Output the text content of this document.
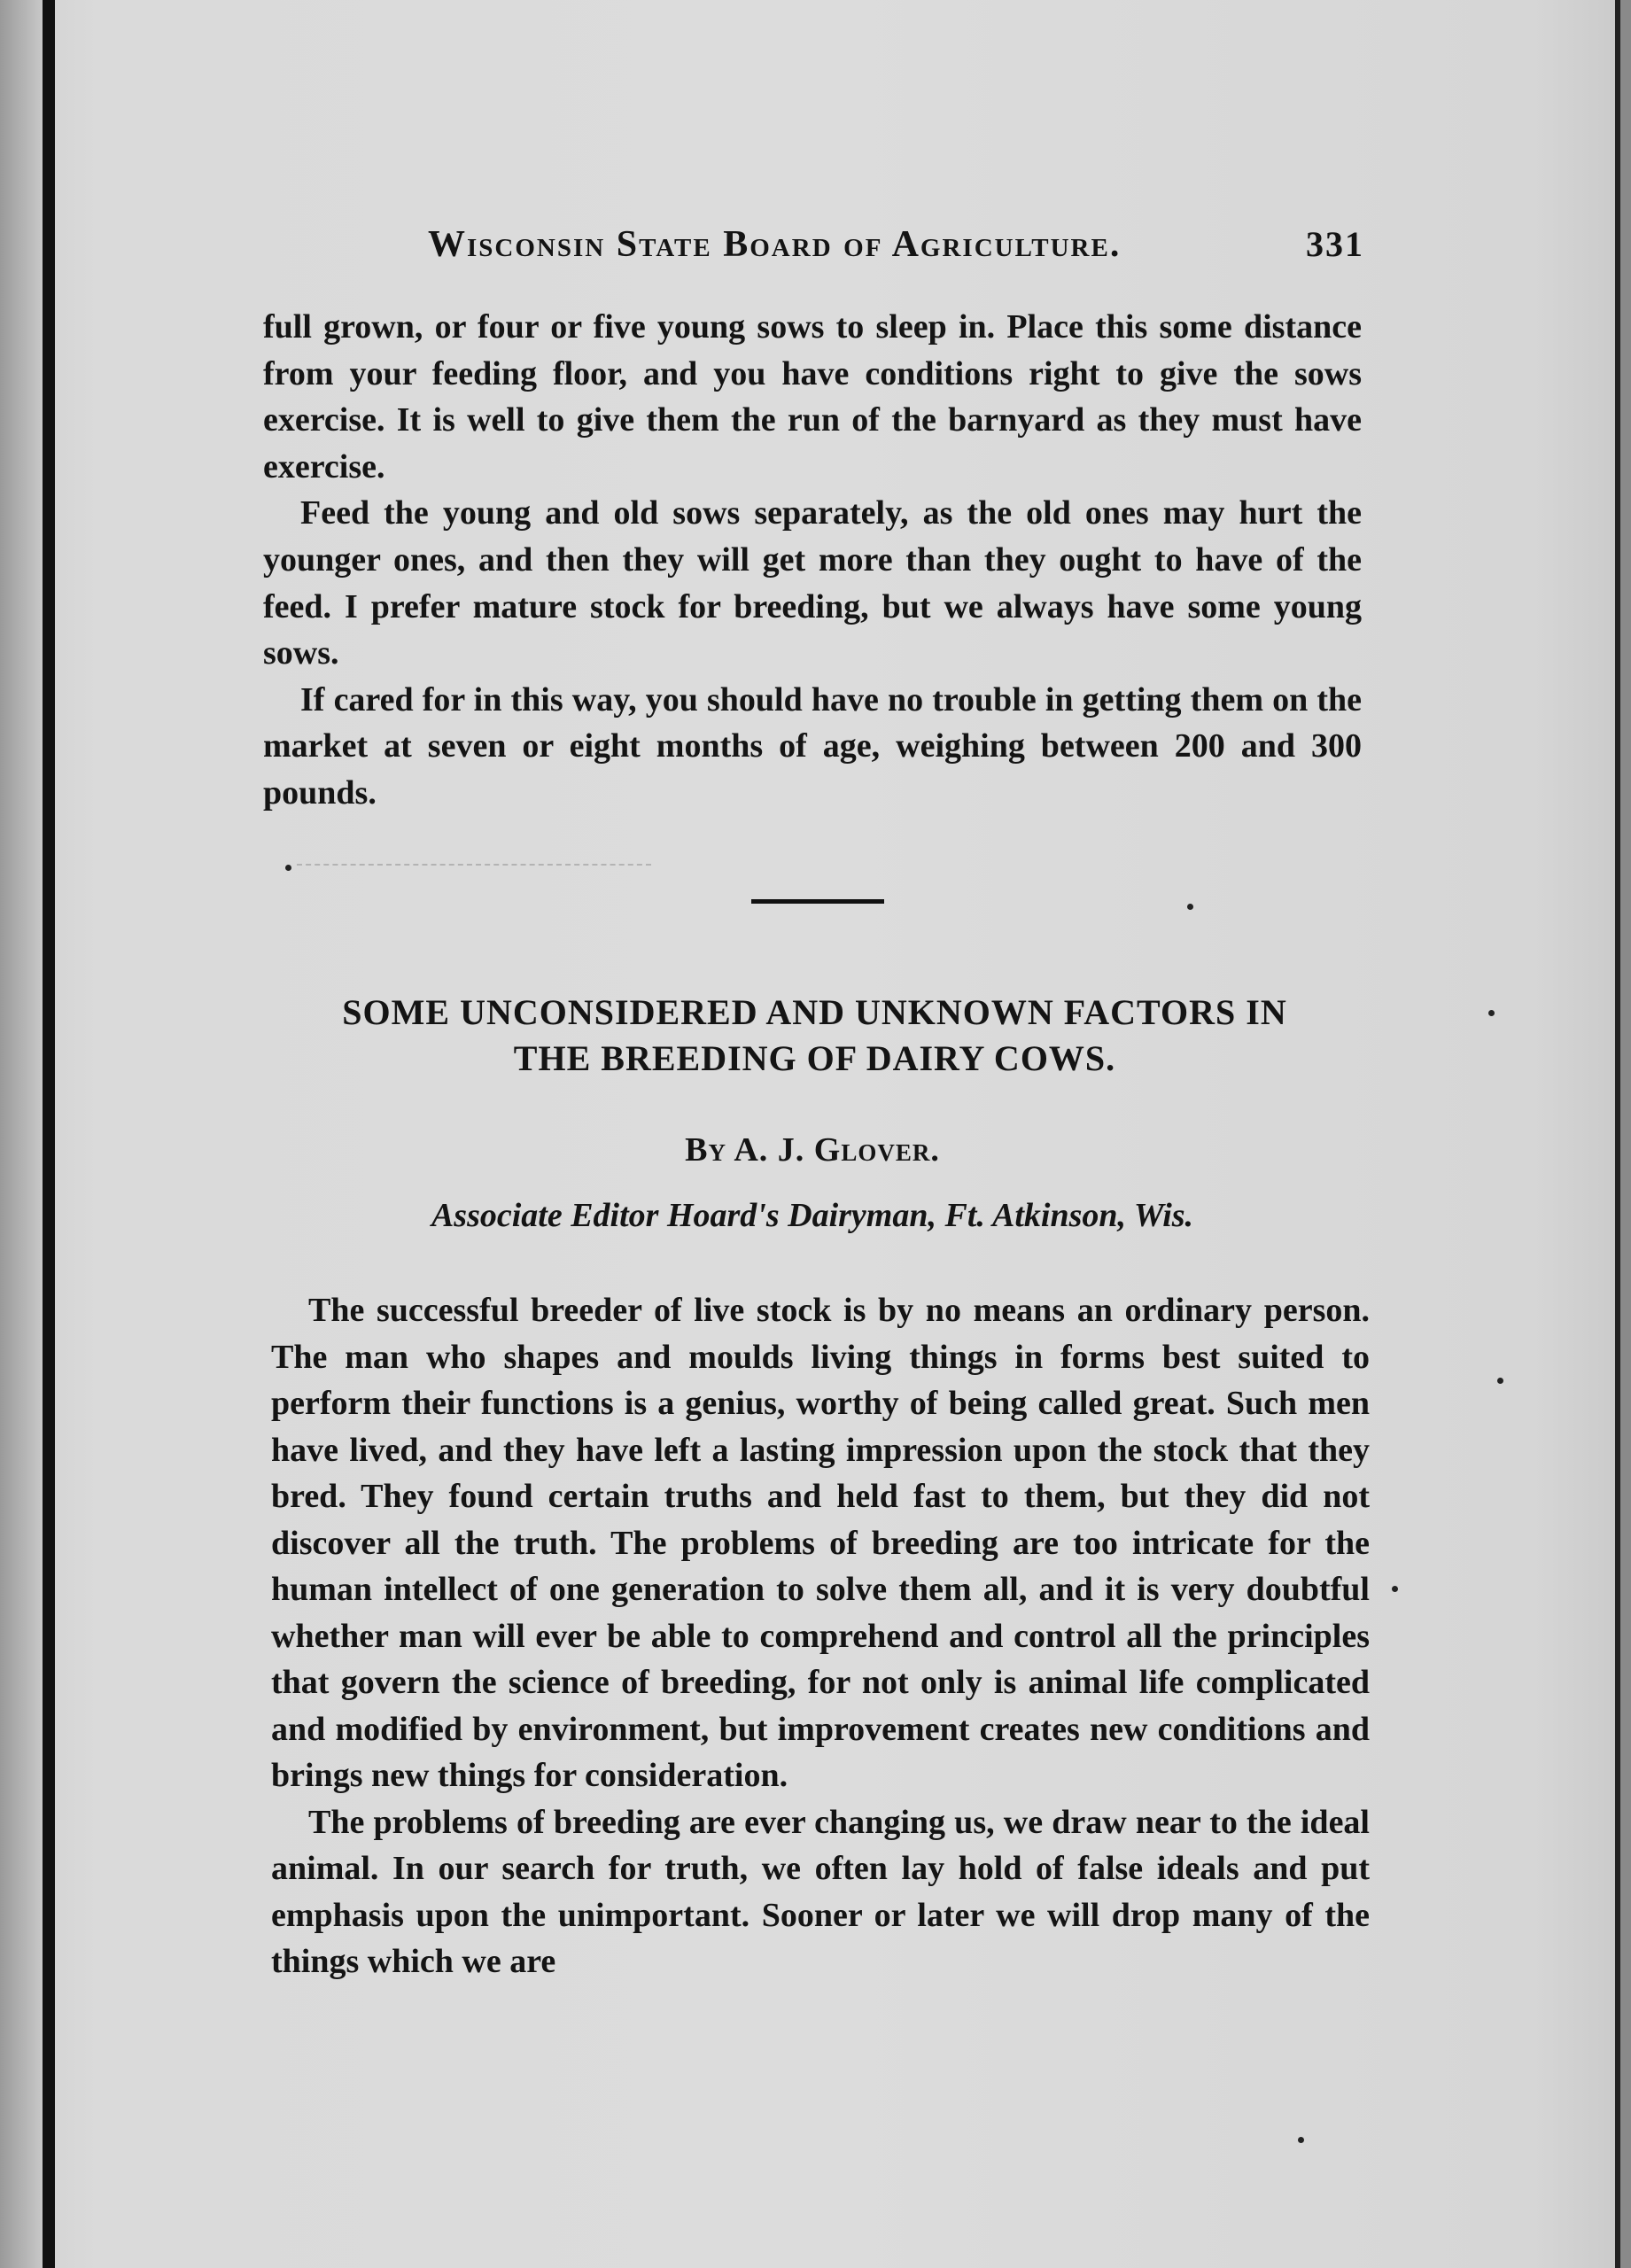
Wisconsin State Board of Agriculture.	331

full grown, or four or five young sows to sleep in. Place this some distance from your feeding floor, and you have conditions right to give the sows exercise. It is well to give them the run of the barnyard as they must have exercise.

Feed the young and old sows separately, as the old ones may hurt the younger ones, and then they will get more than they ought to have of the feed. I prefer mature stock for breeding, but we always have some young sows.

If cared for in this way, you should have no trouble in getting them on the market at seven or eight months of age, weighing between 200 and 300 pounds.

SOME UNCONSIDERED AND UNKNOWN FACTORS IN
THE BREEDING OF DAIRY COWS.
By A. J. Glover.
Associate Editor Hoard's Dairyman, Ft. Atkinson, Wis.

The successful breeder of live stock is by no means an ordinary person. The man who shapes and moulds living things in forms best suited to perform their functions is a genius, worthy of being called great. Such men have lived, and they have left a lasting impression upon the stock that they bred. They found certain truths and held fast to them, but they did not discover all the truth. The problems of breeding are too intricate for the human intellect of one generation to solve them all, and it is very doubtful whether man will ever be able to comprehend and control all the principles that govern the science of breeding, for not only is animal life complicated and modified by environment, but improvement creates new conditions and brings new things for consideration.

The problems of breeding are ever changing us, we draw near to the ideal animal. In our search for truth, we often lay hold of false ideals and put emphasis upon the unimportant. Sooner or later we will drop many of the things which we are
